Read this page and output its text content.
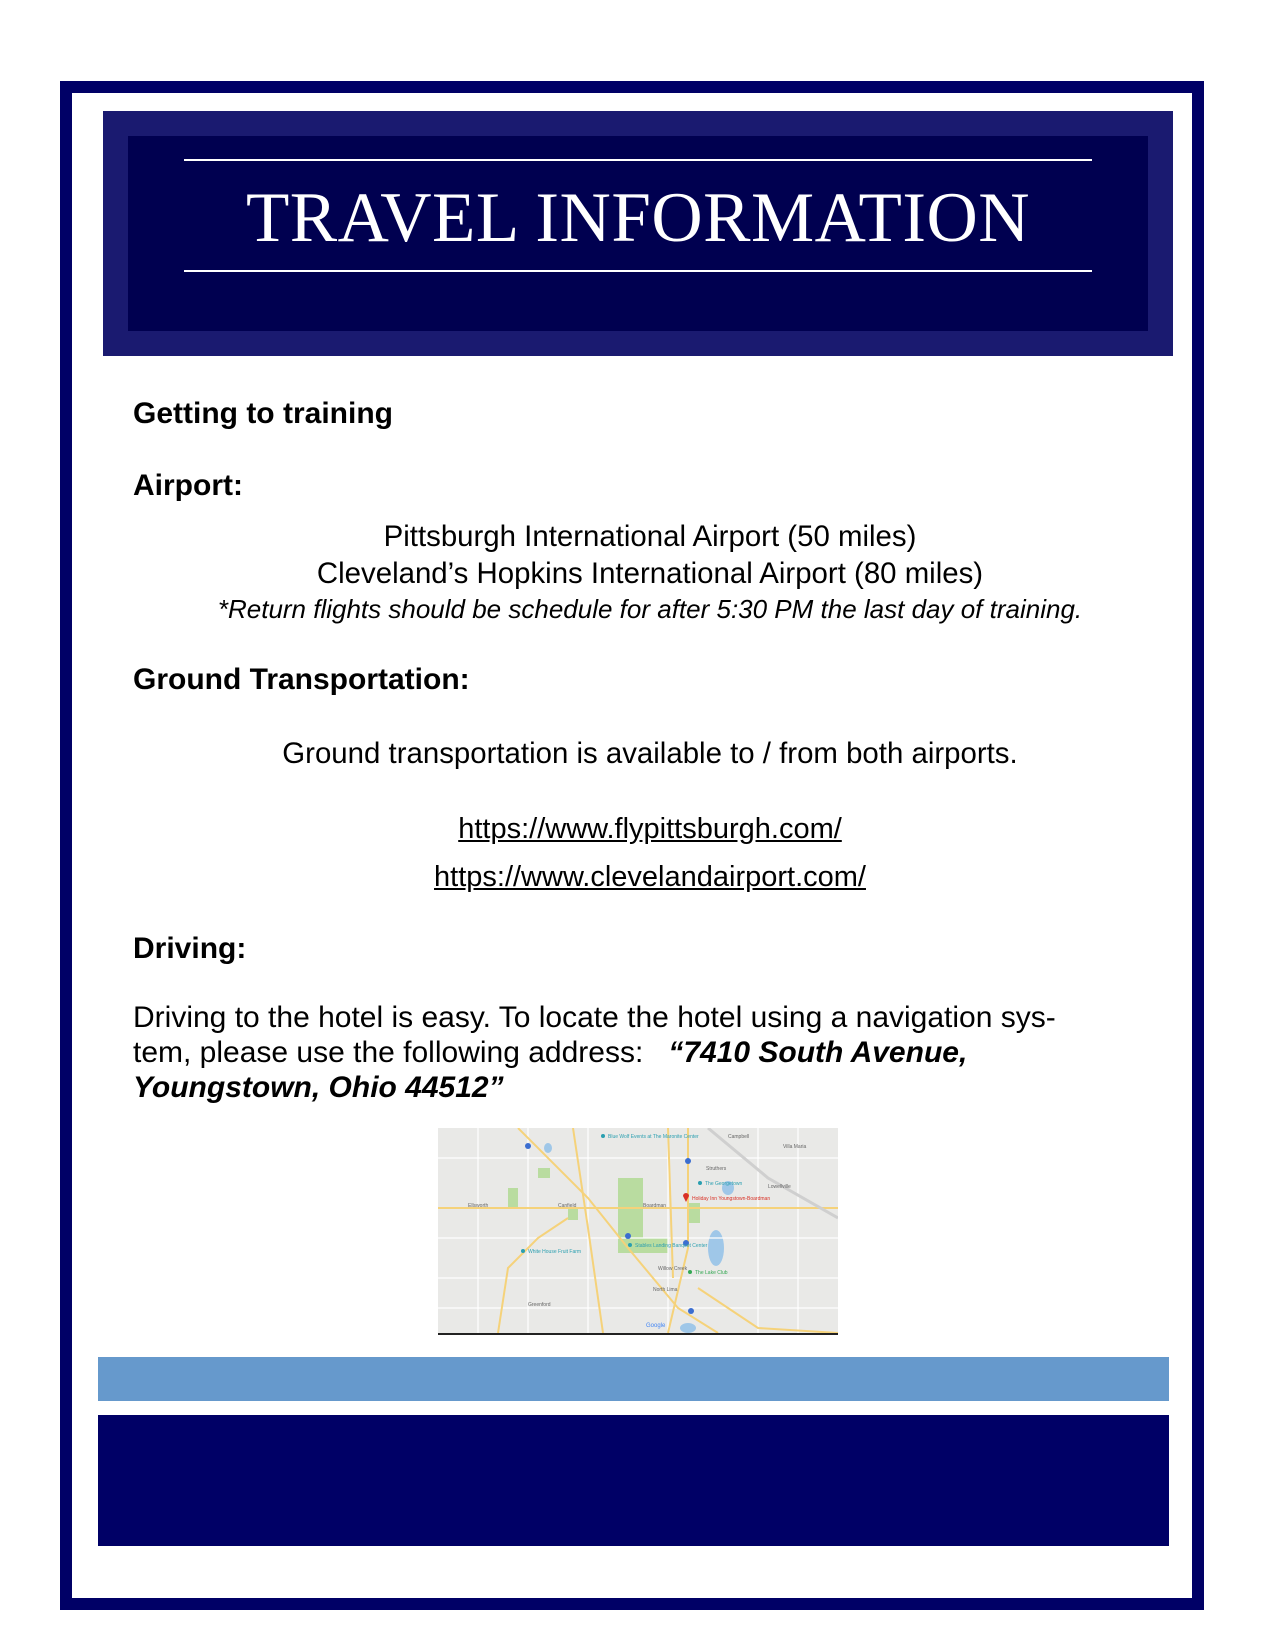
TRAVEL INFORMATION
Getting to training
Airport:
Pittsburgh International Airport (50 miles)
Cleveland’s Hopkins International Airport (80 miles)
*Return flights should be schedule for after 5:30 PM the last day of training.
Ground Transportation:
Ground transportation is available to / from both airports.
https://www.flypittsburgh.com/
https://www.clevelandairport.com/
Driving:
Driving to the hotel is easy. To locate the hotel using a navigation sys-
tem, please use the following address:   “7410 South Avenue,
Youngstown, Ohio 44512”
Ellsworth	Canfield	Boardman
Greenford
North Lima
Struthers
Campbell
Lowellville
Villa Maria
Willow Creek
Blue Wolf Events at The Maronite Center
The Georgetown
Holiday Inn Youngstown-Boardman
Stables Landing Banquet Center
White House Fruit Farm
The Lake Club
Google
